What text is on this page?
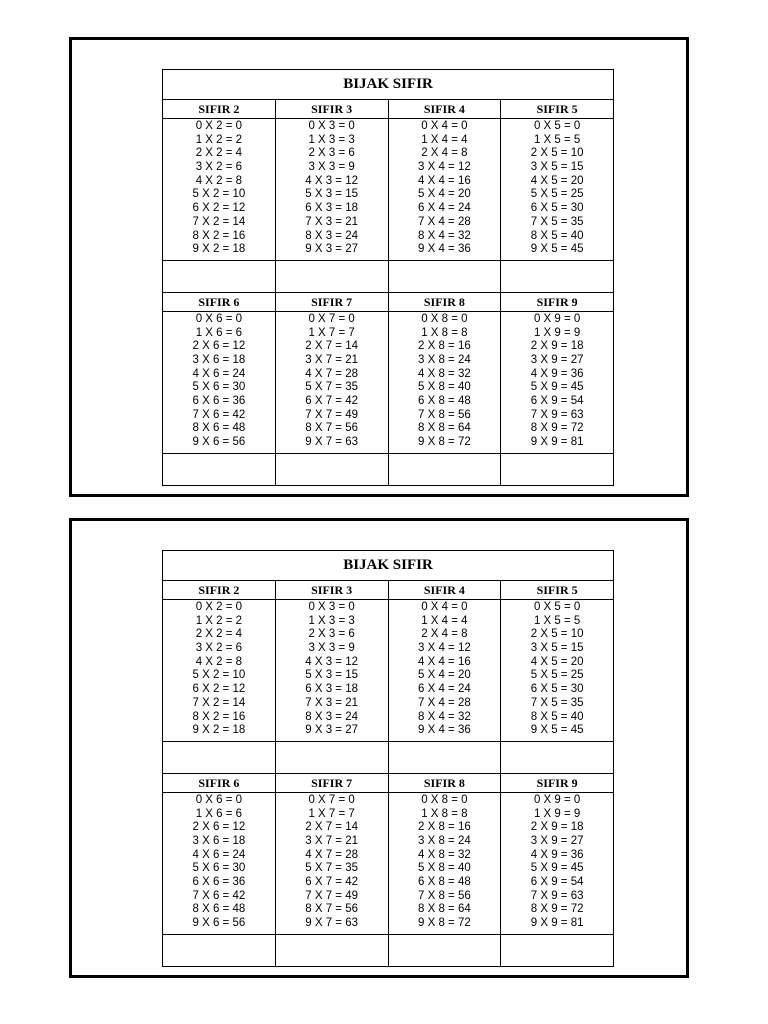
BIJAK SIFIR
SIFIR 2
0 X 2 = 0
1 X 2 = 2
2 X 2 = 4
3 X 2 = 6
4 X 2 = 8
5 X 2 = 10
6 X 2 = 12
7 X 2 = 14
8 X 2 = 16
9 X 2 = 18
SIFIR 3
0 X 3 = 0
1 X 3 = 3
2 X 3 = 6
3 X 3 = 9
4 X 3 = 12
5 X 3 = 15
6 X 3 = 18
7 X 3 = 21
8 X 3 = 24
9 X 3 = 27
SIFIR 4
0 X 4 = 0
1 X 4 = 4
2 X 4 = 8
3 X 4 = 12
4 X 4 = 16
5 X 4 = 20
6 X 4 = 24
7 X 4 = 28
8 X 4 = 32
9 X 4 = 36
SIFIR 5
0 X 5 = 0
1 X 5 = 5
2 X 5 = 10
3 X 5 = 15
4 X 5 = 20
5 X 5 = 25
6 X 5 = 30
7 X 5 = 35
8 X 5 = 40
9 X 5 = 45
SIFIR 6
0 X 6 = 0
1 X 6 = 6
2 X 6 = 12
3 X 6 = 18
4 X 6 = 24
5 X 6 = 30
6 X 6 = 36
7 X 6 = 42
8 X 6 = 48
9 X 6 = 56
SIFIR 7
0 X 7 = 0
1 X 7 = 7
2 X 7 = 14
3 X 7 = 21
4 X 7 = 28
5 X 7 = 35
6 X 7 = 42
7 X 7 = 49
8 X 7 = 56
9 X 7 = 63
SIFIR 8
0 X 8 = 0
1 X 8 = 8
2 X 8 = 16
3 X 8 = 24
4 X 8 = 32
5 X 8 = 40
6 X 8 = 48
7 X 8 = 56
8 X 8 = 64
9 X 8 = 72
SIFIR 9
0 X 9 = 0
1 X 9 = 9
2 X 9 = 18
3 X 9 = 27
4 X 9 = 36
5 X 9 = 45
6 X 9 = 54
7 X 9 = 63
8 X 9 = 72
9 X 9 = 81
BIJAK SIFIR
SIFIR 2
0 X 2 = 0
1 X 2 = 2
2 X 2 = 4
3 X 2 = 6
4 X 2 = 8
5 X 2 = 10
6 X 2 = 12
7 X 2 = 14
8 X 2 = 16
9 X 2 = 18
SIFIR 3
0 X 3 = 0
1 X 3 = 3
2 X 3 = 6
3 X 3 = 9
4 X 3 = 12
5 X 3 = 15
6 X 3 = 18
7 X 3 = 21
8 X 3 = 24
9 X 3 = 27
SIFIR 4
0 X 4 = 0
1 X 4 = 4
2 X 4 = 8
3 X 4 = 12
4 X 4 = 16
5 X 4 = 20
6 X 4 = 24
7 X 4 = 28
8 X 4 = 32
9 X 4 = 36
SIFIR 5
0 X 5 = 0
1 X 5 = 5
2 X 5 = 10
3 X 5 = 15
4 X 5 = 20
5 X 5 = 25
6 X 5 = 30
7 X 5 = 35
8 X 5 = 40
9 X 5 = 45
SIFIR 6
0 X 6 = 0
1 X 6 = 6
2 X 6 = 12
3 X 6 = 18
4 X 6 = 24
5 X 6 = 30
6 X 6 = 36
7 X 6 = 42
8 X 6 = 48
9 X 6 = 56
SIFIR 7
0 X 7 = 0
1 X 7 = 7
2 X 7 = 14
3 X 7 = 21
4 X 7 = 28
5 X 7 = 35
6 X 7 = 42
7 X 7 = 49
8 X 7 = 56
9 X 7 = 63
SIFIR 8
0 X 8 = 0
1 X 8 = 8
2 X 8 = 16
3 X 8 = 24
4 X 8 = 32
5 X 8 = 40
6 X 8 = 48
7 X 8 = 56
8 X 8 = 64
9 X 8 = 72
SIFIR 9
0 X 9 = 0
1 X 9 = 9
2 X 9 = 18
3 X 9 = 27
4 X 9 = 36
5 X 9 = 45
6 X 9 = 54
7 X 9 = 63
8 X 9 = 72
9 X 9 = 81
